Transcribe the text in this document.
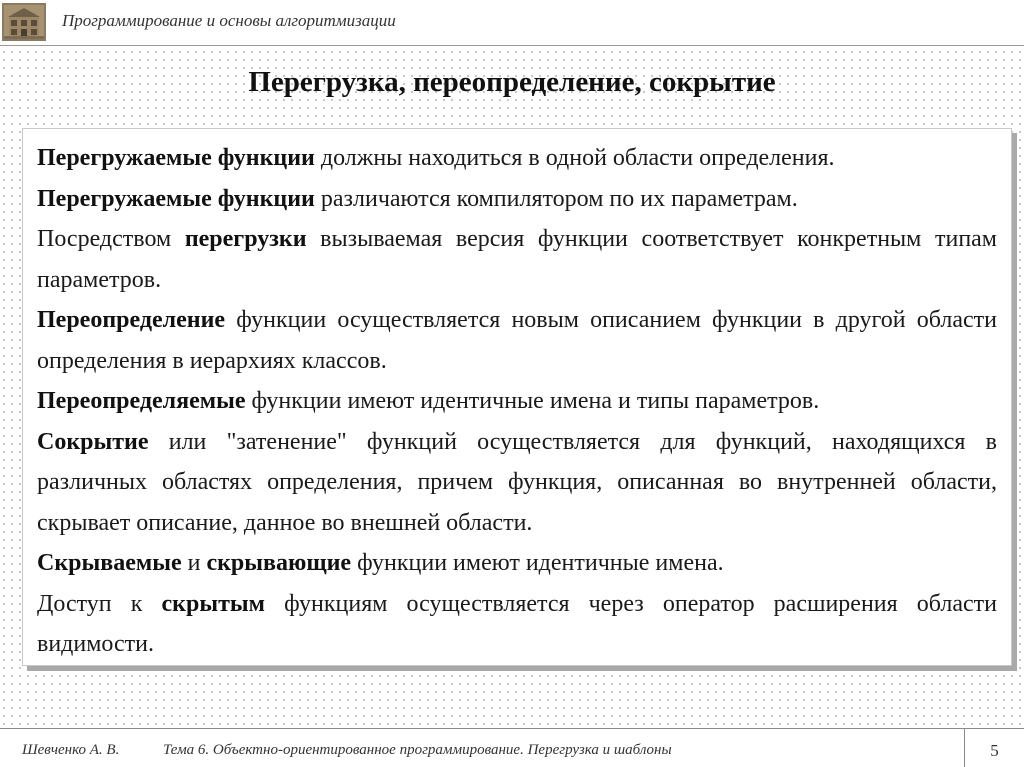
Программирование и основы алгоритмизации
Перегрузка, переопределение, сокрытие

Перегружаемые функции должны находиться в одной области определения.

Перегружаемые функции различаются компилятором по их параметрам.

Посредством перегрузки вызываемая версия функции соответствует конкретным типам параметров.

Переопределение функции осуществляется новым описанием функции в другой области определения в иерархиях классов.

Переопределяемые функции имеют идентичные имена и типы параметров.

Сокрытие или "затенение" функций осуществляется для функций, находящихся в различных областях определения, причем функция, описанная во внутренней области, скрывает описание, данное во внешней области.

Скрываемые и скрывающие функции имеют идентичные имена.

Доступ к скрытым функциям осуществляется через оператор расширения области видимости.

Шевченко А. В.	Тема 6. Объектно-ориентированное программирование. Перегрузка и шаблоны	5
